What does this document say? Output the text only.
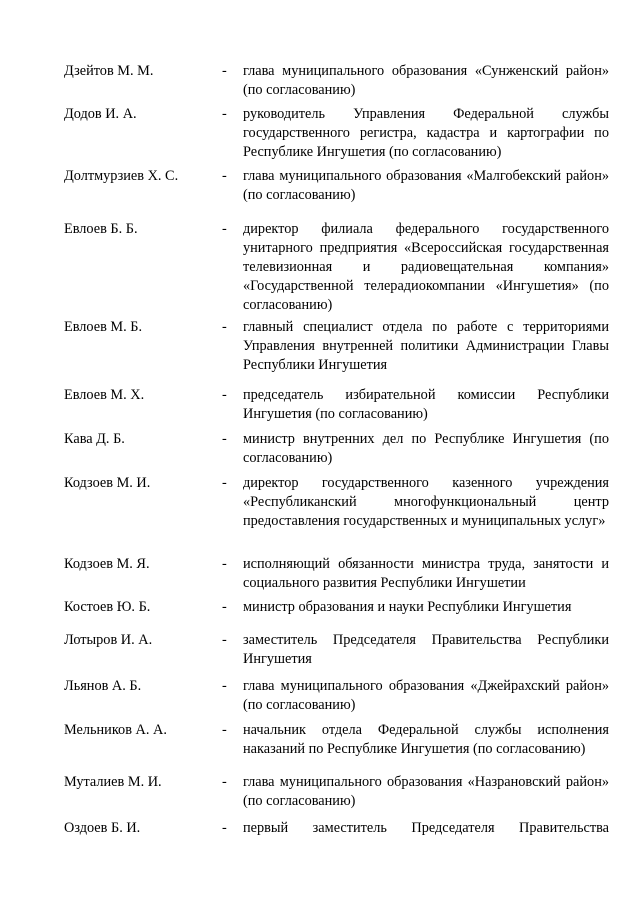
Дзейтов М. М.	- глава муниципального образования «Сунженский район» (по согласованию)
Додов И. А.	- руководитель Управления Федеральной службы государственного регистра, кадастра и картографии по Республике Ингушетия (по согласованию)
Долтмурзиев Х. С.	- глава муниципального образования «Малгобекский район» (по согласованию)
Евлоев Б. Б.	- директор филиала федерального государственного унитарного предприятия «Всероссийская государственная телевизионная и радиовещательная компания» «Государственной телерадиокомпании «Ингушетия» (по согласованию)
Евлоев М. Б.	- главный специалист отдела по работе с территориями Управления внутренней политики Администрации Главы Республики Ингушетия
Евлоев М. Х.	- председатель избирательной комиссии Республики Ингушетия (по согласованию)
Кава Д. Б.	- министр внутренних дел по Республике Ингушетия (по согласованию)
Кодзоев М. И.	- директор государственного казенного учреждения «Республиканский многофункциональный центр предоставления государственных и муниципальных услуг»
Кодзоев М. Я.	- исполняющий обязанности министра труда, занятости и социального развития Республики Ингушетии
Костоев Ю. Б.	- министр образования и науки Республики Ингушетия
Лотыров И. А.	- заместитель Председателя Правительства Республики Ингушетия
Льянов А. Б.	- глава муниципального образования «Джейрахский район» (по согласованию)
Мельников А. А.	- начальник отдела Федеральной службы исполнения наказаний по Республике Ингушетия (по согласованию)
Муталиев М. И.	- глава муниципального образования «Назрановский район» (по согласованию)
Оздоев Б. И.	- первый заместитель Председателя Правительства
